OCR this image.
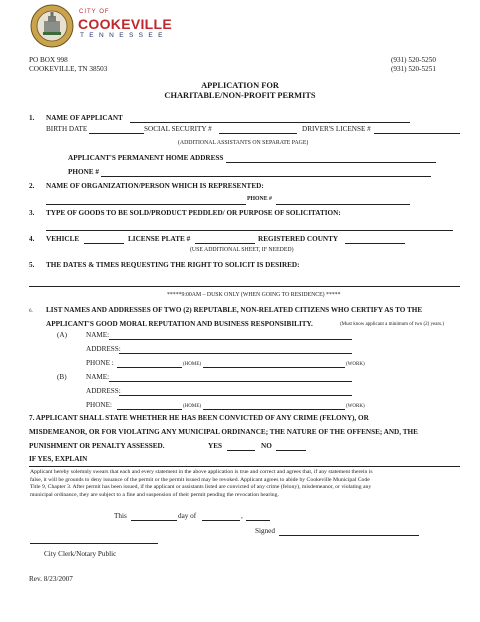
CITY OF
COOKEVILLE
T E N N E S S E E
PO BOX 998
COOKEVILLE, TN 38503
(931) 520-5250
(931) 520-5251
APPLICATION FOR
CHARITABLE/NON-PROFIT PERMITS
1. NAME OF APPLICANT
BIRTH DATE	SOCIAL SECURITY #	DRIVER'S LICENSE #
(ADDITIONAL ASSISTANTS ON SEPARATE PAGE)
APPLICANT'S PERMANENT HOME ADDRESS
PHONE #
2. NAME OF ORGANIZATION/PERSON WHICH IS REPRESENTED:
PHONE #
3. TYPE OF GOODS TO BE SOLD/PRODUCT PEDDLED/ OR PURPOSE OF SOLICITATION:
4. VEHICLE	LICENSE PLATE #	REGISTERED COUNTY
(USE ADDITIONAL SHEET, IF NEEDED)
5. THE DATES & TIMES REQUESTING THE RIGHT TO SOLICIT IS DESIRED:
*****9:00AM – DUSK ONLY (WHEN GOING TO RESIDENCE) *****
6. LIST NAMES AND ADDRESSES OF TWO (2) REPUTABLE, NON-RELATED CITIZENS WHO CERTIFY AS TO THE
APPLICANT'S GOOD MORAL REPUTATION AND BUSINESS RESPONSIBILITY.	(Must know applicant a minimum of two (2) years.)
(A)	NAME:
ADDRESS:
PHONE :	(HOME)	(WORK)
(B)	NAME:
ADDRESS:
PHONE:	(HOME)	(WORK)
7. APPLICANT SHALL STATE WHETHER HE HAS BEEN CONVICTED OF ANY CRIME (FELONY), OR
MISDEMEANOR, OR FOR VIOLATING ANY MUNICIPAL ORDINANCE; THE NATURE OF THE OFFENSE; AND, THE
PUNISHMENT OR PENALTY ASSESSED.	YES	NO
IF YES, EXPLAIN
Applicant hereby solemnly swears that each and every statement in the above application is true and correct and agrees that, if any statement therein is
false, it will be grounds to deny issuance of the permit or the permit issued may be revoked. Applicant agrees to abide by Cookeville Municipal Code
Title 9, Chapter 3. After permit has been issued, if the applicant or assistants listed are convicted of any crime (felony), misdemeanor, or violating any
municipal ordinance, they are subject to a fine and suspension of their permit pending the revocation hearing.
This	day of	,
Signed
City Clerk/Notary Public
Rev. 8/23/2007
